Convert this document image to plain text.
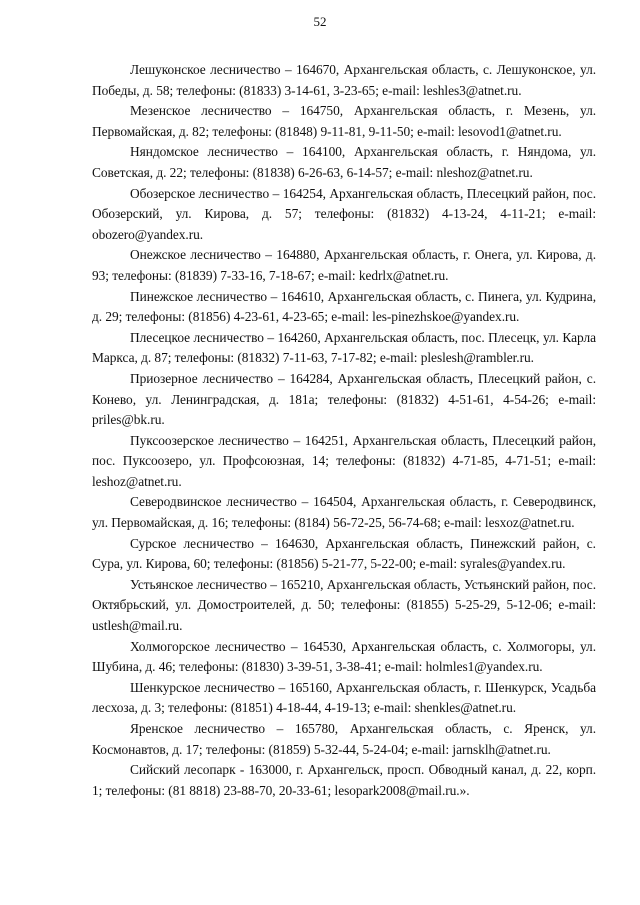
52

Лешуконское лесничество – 164670, Архангельская область, с. Лешуконское, ул. Победы, д. 58; телефоны: (81833) 3-14-61, 3-23-65; e-mail: leshles3@atnet.ru.

Мезенское лесничество – 164750, Архангельская область, г. Мезень, ул. Первомайская, д. 82; телефоны: (81848) 9-11-81, 9-11-50; e-mail: lesovod1@atnet.ru.

Няндомское лесничество – 164100, Архангельская область, г. Няндома, ул. Советская, д. 22; телефоны: (81838) 6-26-63, 6-14-57; e-mail: nleshoz@atnet.ru.

Обозерское лесничество – 164254, Архангельская область, Плесецкий район, пос. Обозерский, ул. Кирова, д. 57; телефоны: (81832) 4-13-24, 4-11-21; e-mail: obozero@yandex.ru.

Онежское лесничество – 164880, Архангельская область, г. Онега, ул. Кирова, д. 93; телефоны: (81839) 7-33-16, 7-18-67; e-mail: kedrlx@atnet.ru.

Пинежское лесничество – 164610, Архангельская область, с. Пинега, ул. Кудрина, д. 29; телефоны: (81856) 4-23-61, 4-23-65; e-mail: les-pinezhskoe@yandex.ru.

Плесецкое лесничество – 164260, Архангельская область, пос. Плесецк, ул. Карла Маркса, д. 87; телефоны: (81832) 7-11-63, 7-17-82; e-mail: pleslesh@rambler.ru.

Приозерное лесничество – 164284, Архангельская область, Плесецкий район, с. Конево, ул. Ленинградская, д. 181а; телефоны: (81832) 4-51-61, 4-54-26; e-mail: priles@bk.ru.

Пуксоозерское лесничество – 164251, Архангельская область, Плесецкий район, пос. Пуксоозеро, ул. Профсоюзная, 14; телефоны: (81832) 4-71-85, 4-71-51; e-mail: leshoz@atnet.ru.

Северодвинское лесничество – 164504, Архангельская область, г. Северодвинск, ул. Первомайская, д. 16; телефоны: (8184) 56-72-25, 56-74-68; e-mail: lesxoz@atnet.ru.

Сурское лесничество – 164630, Архангельская область, Пинежский район, с. Сура, ул. Кирова, 60; телефоны: (81856) 5-21-77, 5-22-00; e-mail: syrales@yandex.ru.

Устьянское лесничество – 165210, Архангельская область, Устьянский район, пос. Октябрьский, ул. Домостроителей, д. 50; телефоны: (81855) 5-25-29, 5-12-06; e-mail: ustlesh@mail.ru.

Холмогорское лесничество – 164530, Архангельская область, с. Холмогоры, ул. Шубина, д. 46; телефоны: (81830) 3-39-51, 3-38-41; e-mail: holmles1@yandex.ru.

Шенкурское лесничество – 165160, Архангельская область, г. Шенкурск, Усадьба лесхоза, д. 3; телефоны: (81851) 4-18-44, 4-19-13; e-mail: shenkles@atnet.ru.

Яренское лесничество – 165780, Архангельская область, с. Яренск, ул. Космонавтов, д. 17; телефоны: (81859) 5-32-44, 5-24-04; e-mail: jarnsklh@atnet.ru.

Сийский лесопарк - 163000, г. Архангельск, просп. Обводный канал, д. 22, корп. 1; телефоны: (81 8818) 23-88-70, 20-33-61; lesopark2008@mail.ru.».
